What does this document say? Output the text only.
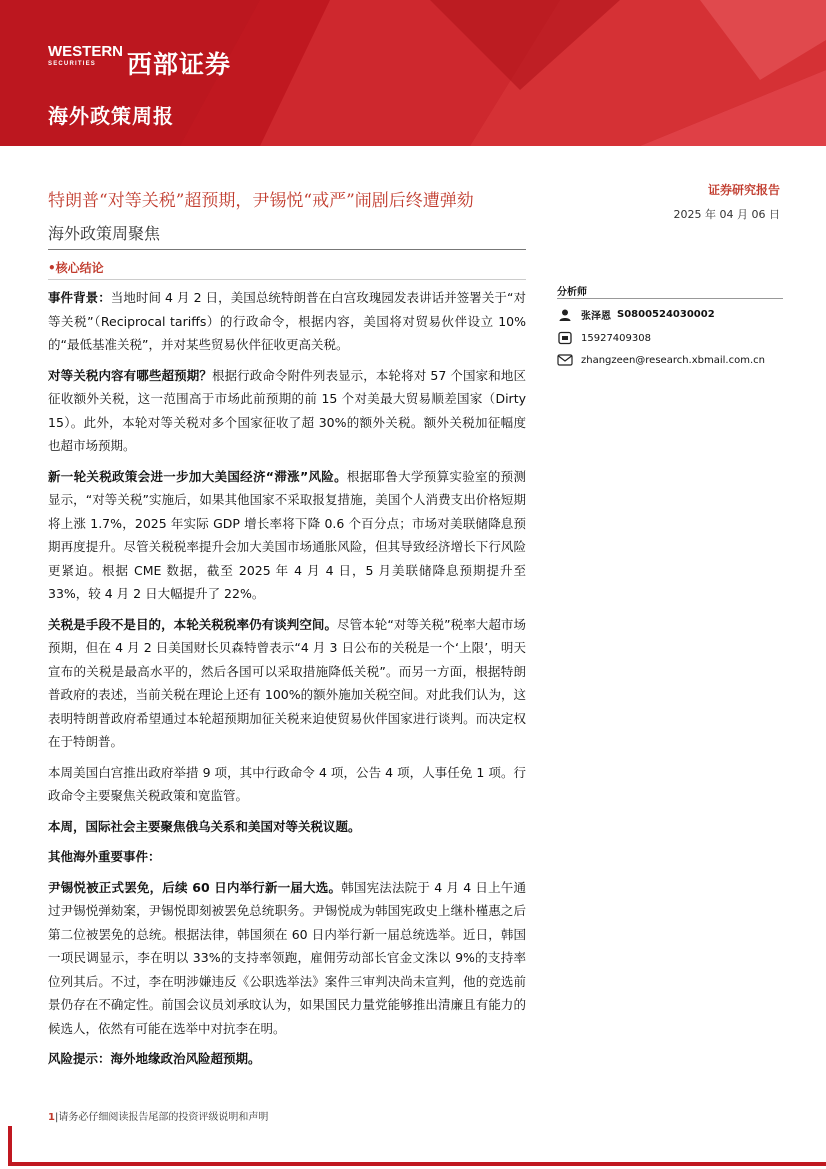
WESTERN
SECURITIES	西部证券
海外政策周报
特朗普“对等关税”超预期，尹锡悦“戒严”闹剧后终遭弹劾
证券研究报告
2025 年 04 月 06 日
海外政策周聚焦
•核心结论

事件背景：当地时间 4 月 2 日，美国总统特朗普在白宫玫瑰园发表讲话并签署关于“对等关税”（Reciprocal tariffs）的行政命令，根据内容，美国将对贸易伙伴设立 10%的“最低基准关税”，并对某些贸易伙伴征收更高关税。

对等关税内容有哪些超预期？根据行政命令附件列表显示，本轮将对 57 个国家和地区征收额外关税，这一范围高于市场此前预期的前 15 个对美最大贸易顺差国家（Dirty 15）。此外，本轮对等关税对多个国家征收了超 30%的额外关税。额外关税加征幅度也超市场预期。

新一轮关税政策会进一步加大美国经济“滞涨”风险。根据耶鲁大学预算实验室的预测显示，“对等关税”实施后，如果其他国家不采取报复措施，美国个人消费支出价格短期将上涨 1.7%，2025 年实际 GDP 增长率将下降 0.6 个百分点；市场对美联储降息预期再度提升。尽管关税税率提升会加大美国市场通胀风险，但其导致经济增长下行风险更紧迫。根据 CME 数据，截至 2025 年 4 月 4 日，5 月美联储降息预期提升至 33%，较 4 月 2 日大幅提升了 22%。

关税是手段不是目的，本轮关税税率仍有谈判空间。尽管本轮“对等关税”税率大超市场预期，但在 4 月 2 日美国财长贝森特曾表示“4 月 3 日公布的关税是一个‘上限’，明天宣布的关税是最高水平的，然后各国可以采取措施降低关税”。而另一方面，根据特朗普政府的表述，当前关税在理论上还有 100%的额外施加关税空间。对此我们认为，这表明特朗普政府希望通过本轮超预期加征关税来迫使贸易伙伴国家进行谈判。而决定权在于特朗普。

本周美国白宫推出政府举措 9 项，其中行政命令 4 项，公告 4 项，人事任免 1 项。行政命令主要聚焦关税政策和宽监管。

本周，国际社会主要聚焦俄乌关系和美国对等关税议题。

其他海外重要事件：

尹锡悦被正式罢免，后续 60 日内举行新一届大选。韩国宪法法院于 4 月 4 日上午通过尹锡悦弹劾案，尹锡悦即刻被罢免总统职务。尹锡悦成为韩国宪政史上继朴槿惠之后第二位被罢免的总统。根据法律，韩国须在 60 日内举行新一届总统选举。近日，韩国一项民调显示，李在明以 33%的支持率领跑，雇佣劳动部长官金文洙以 9%的支持率位列其后。不过，李在明涉嫌违反《公职选举法》案件三审判决尚未宣判，他的竞选前景仍存在不确定性。前国会议员刘承旼认为，如果国民力量党能够推出清廉且有能力的候选人，依然有可能在选举中对抗李在明。

风险提示：海外地缘政治风险超预期。

分析师
张泽恩 S0800524030002
15927409308
zhangzeen@research.xbmail.com.cn
1|请务必仔细阅读报告尾部的投资评级说明和声明
